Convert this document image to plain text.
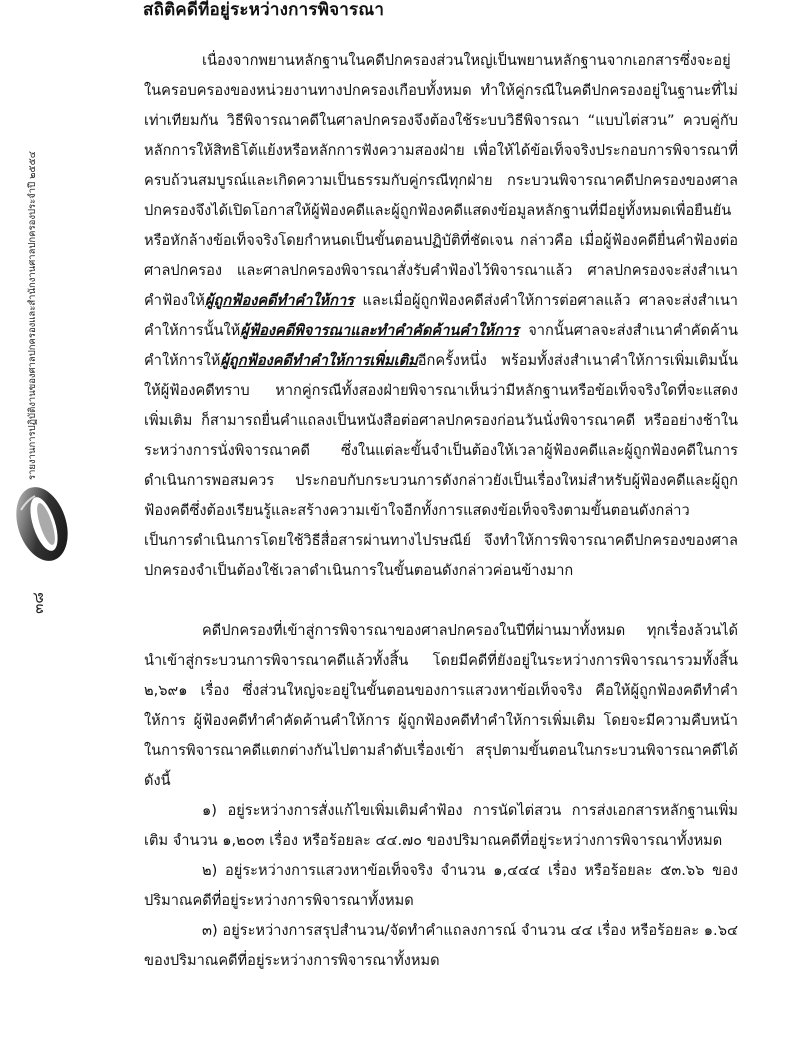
สถิติคดีที่อยู่ระหว่างการพิจารณา
รายงานการปฏิบัติงานของศาลปกครองและสำนักงานศาลปกครองประจำปี ๒๕๕๔
๓๘

เนื่องจากพยานหลักฐานในคดีปกครองส่วนใหญ่เป็นพยานหลักฐานจากเอกสารซึ่งจะอยู่ในครอบครองของหน่วยงานทางปกครองเกือบทั้งหมด ทำให้คู่กรณีในคดีปกครองอยู่ในฐานะที่ไม่เท่าเทียมกัน วิธีพิจารณาคดีในศาลปกครองจึงต้องใช้ระบบวิธีพิจารณา “แบบไต่สวน” ควบคู่กับหลักการให้สิทธิโต้แย้งหรือหลักการฟังความสองฝ่าย เพื่อให้ได้ข้อเท็จจริงประกอบการพิจารณาที่ครบถ้วนสมบูรณ์และเกิดความเป็นธรรมกับคู่กรณีทุกฝ่าย กระบวนพิจารณาคดีปกครองของศาลปกครองจึงได้เปิดโอกาสให้ผู้ฟ้องคดีและผู้ถูกฟ้องคดีแสดงข้อมูลหลักฐานที่มีอยู่ทั้งหมดเพื่อยืนยันหรือหักล้างข้อเท็จจริงโดยกำหนดเป็นขั้นตอนปฏิบัติที่ชัดเจน กล่าวคือ เมื่อผู้ฟ้องคดียื่นคำฟ้องต่อศาลปกครอง และศาลปกครองพิจารณาสั่งรับคำฟ้องไว้พิจารณาแล้ว ศาลปกครองจะส่งสำเนาคำฟ้องให้ผู้ถูกฟ้องคดีทำคำให้การ และเมื่อผู้ถูกฟ้องคดีส่งคำให้การต่อศาลแล้ว ศาลจะส่งสำเนาคำให้การนั้นให้ผู้ฟ้องคดีพิจารณาและทำคำคัดค้านคำให้การ จากนั้นศาลจะส่งสำเนาคำคัดค้านคำให้การให้ผู้ถูกฟ้องคดีทำคำให้การเพิ่มเติมอีกครั้งหนึ่ง พร้อมทั้งส่งสำเนาคำให้การเพิ่มเติมนั้นให้ผู้ฟ้องคดีทราบ หากคู่กรณีทั้งสองฝ่ายพิจารณาเห็นว่ามีหลักฐานหรือข้อเท็จจริงใดที่จะแสดงเพิ่มเติม ก็สามารถยื่นคำแถลงเป็นหนังสือต่อศาลปกครองก่อนวันนั่งพิจารณาคดี หรืออย่างช้าในระหว่างการนั่งพิจารณาคดี ซึ่งในแต่ละขั้นจำเป็นต้องให้เวลาผู้ฟ้องคดีและผู้ถูกฟ้องคดีในการดำเนินการพอสมควร ประกอบกับกระบวนการดังกล่าวยังเป็นเรื่องใหม่สำหรับผู้ฟ้องคดีและผู้ถูกฟ้องคดีซึ่งต้องเรียนรู้และสร้างความเข้าใจอีกทั้งการแสดงข้อเท็จจริงตามขั้นตอนดังกล่าวเป็นการดำเนินการโดยใช้วิธีสื่อสารผ่านทางไปรษณีย์ จึงทำให้การพิจารณาคดีปกครองของศาลปกครองจำเป็นต้องใช้เวลาดำเนินการในขั้นตอนดังกล่าวค่อนข้างมาก

คดีปกครองที่เข้าสู่การพิจารณาของศาลปกครองในปีที่ผ่านมาทั้งหมด ทุกเรื่องล้วนได้นำเข้าสู่กระบวนการพิจารณาคดีแล้วทั้งสิ้น โดยมีคดีที่ยังอยู่ในระหว่างการพิจารณารวมทั้งสิ้น ๒,๖๙๑ เรื่อง ซึ่งส่วนใหญ่จะอยู่ในขั้นตอนของการแสวงหาข้อเท็จจริง คือให้ผู้ถูกฟ้องคดีทำคำให้การ ผู้ฟ้องคดีทำคำคัดค้านคำให้การ ผู้ถูกฟ้องคดีทำคำให้การเพิ่มเติม โดยจะมีความคืบหน้าในการพิจารณาคดีแตกต่างกันไปตามลำดับเรื่องเข้า สรุปตามขั้นตอนในกระบวนพิจารณาคดีได้ ดังนี้

๑) อยู่ระหว่างการสั่งแก้ไขเพิ่มเติมคำฟ้อง การนัดไต่สวน การส่งเอกสารหลักฐานเพิ่มเติม จำนวน ๑,๒๐๓ เรื่อง หรือร้อยละ ๔๔.๗๐ ของปริมาณคดีที่อยู่ระหว่างการพิจารณาทั้งหมด

๒) อยู่ระหว่างการแสวงหาข้อเท็จจริง จำนวน ๑,๔๔๔ เรื่อง หรือร้อยละ ๕๓.๖๖ ของปริมาณคดีที่อยู่ระหว่างการพิจารณาทั้งหมด

๓) อยู่ระหว่างการสรุปสำนวน/จัดทำคำแถลงการณ์ จำนวน ๔๔ เรื่อง หรือร้อยละ ๑.๖๔ ของปริมาณคดีที่อยู่ระหว่างการพิจารณาทั้งหมด
